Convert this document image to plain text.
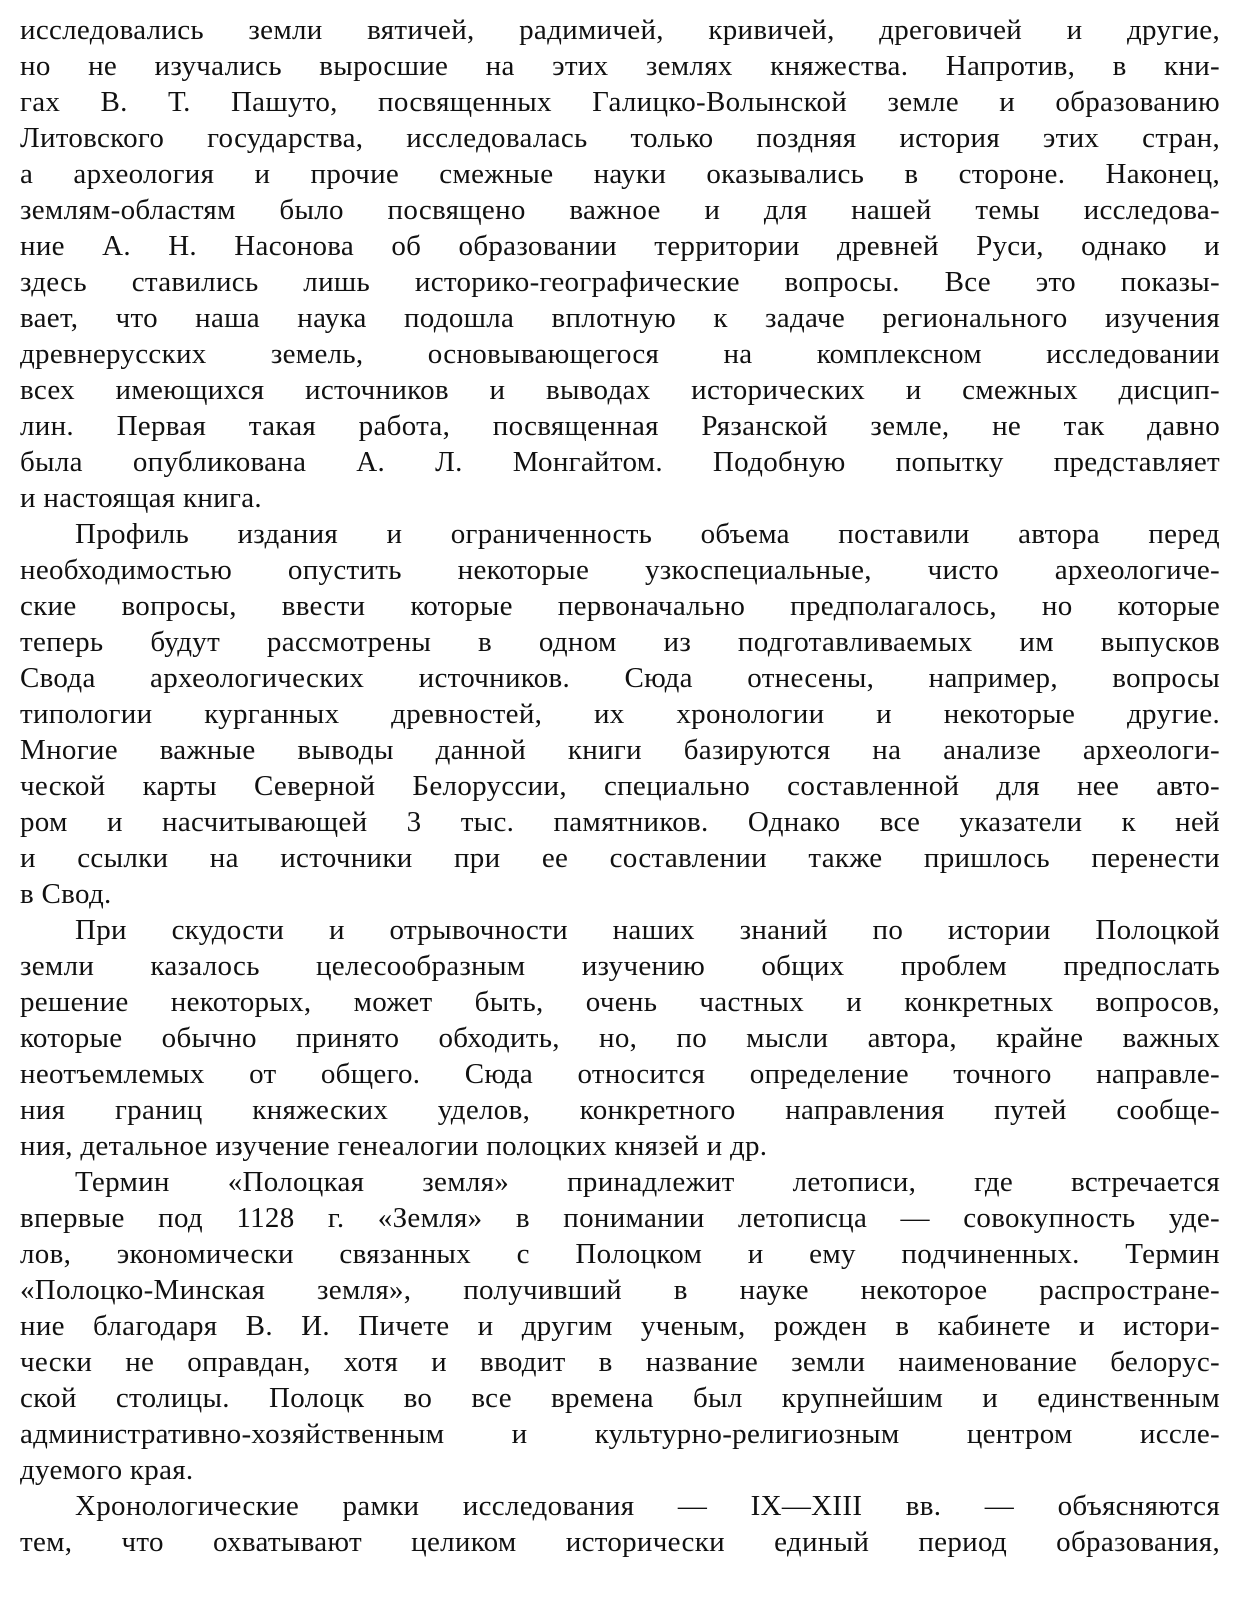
исследовались земли вятичей, радимичей, кривичей, дреговичей и другие,
но не изучались выросшие на этих землях княжества. Напротив, в кни-
гах В. Т. Пашуто, посвященных Галицко-Волынской земле и образованию
Литовского государства, исследовалась только поздняя история этих стран,
а археология и прочие смежные науки оказывались в стороне. Наконец,
землям-областям было посвящено важное и для нашей темы исследова-
ние А. Н. Насонова об образовании территории древней Руси, однако и
здесь ставились лишь историко-географические вопросы. Все это показы-
вает, что наша наука подошла вплотную к задаче регионального изучения
древнерусских земель, основывающегося на комплексном исследовании
всех имеющихся источников и выводах исторических и смежных дисцип-
лин. Первая такая работа, посвященная Рязанской земле, не так давно
была опубликована А. Л. Монгайтом. Подобную попытку представляет
и настоящая книга.
Профиль издания и ограниченность объема поставили автора перед
необходимостью опустить некоторые узкоспециальные, чисто археологиче-
ские вопросы, ввести которые первоначально предполагалось, но которые
теперь будут рассмотрены в одном из подготавливаемых им выпусков
Свода археологических источников. Сюда отнесены, например, вопросы
типологии курганных древностей, их хронологии и некоторые другие.
Многие важные выводы данной книги базируются на анализе археологи-
ческой карты Северной Белоруссии, специально составленной для нее авто-
ром и насчитывающей 3 тыс. памятников. Однако все указатели к ней
и ссылки на источники при ее составлении также пришлось перенести
в Свод.
При скудости и отрывочности наших знаний по истории Полоцкой
земли казалось целесообразным изучению общих проблем предпослать
решение некоторых, может быть, очень частных и конкретных вопросов,
которые обычно принято обходить, но, по мысли автора, крайне важных
неотъемлемых от общего. Сюда относится определение точного направле-
ния границ княжеских уделов, конкретного направления путей сообще-
ния, детальное изучение генеалогии полоцких князей и др.
Термин «Полоцкая земля» принадлежит летописи, где встречается
впервые под 1128 г. «Земля» в понимании летописца — совокупность уде-
лов, экономически связанных с Полоцком и ему подчиненных. Термин
«Полоцко-Минская земля», получивший в науке некоторое распростране-
ние благодаря В. И. Пичете и другим ученым, рожден в кабинете и истори-
чески не оправдан, хотя и вводит в название земли наименование белорус-
ской столицы. Полоцк во все времена был крупнейшим и единственным
административно-хозяйственным и культурно-религиозным центром иссле-
дуемого края.
Хронологические рамки исследования — IX—XIII вв. — объясняются
тем, что охватывают целиком исторически единый период образования,
